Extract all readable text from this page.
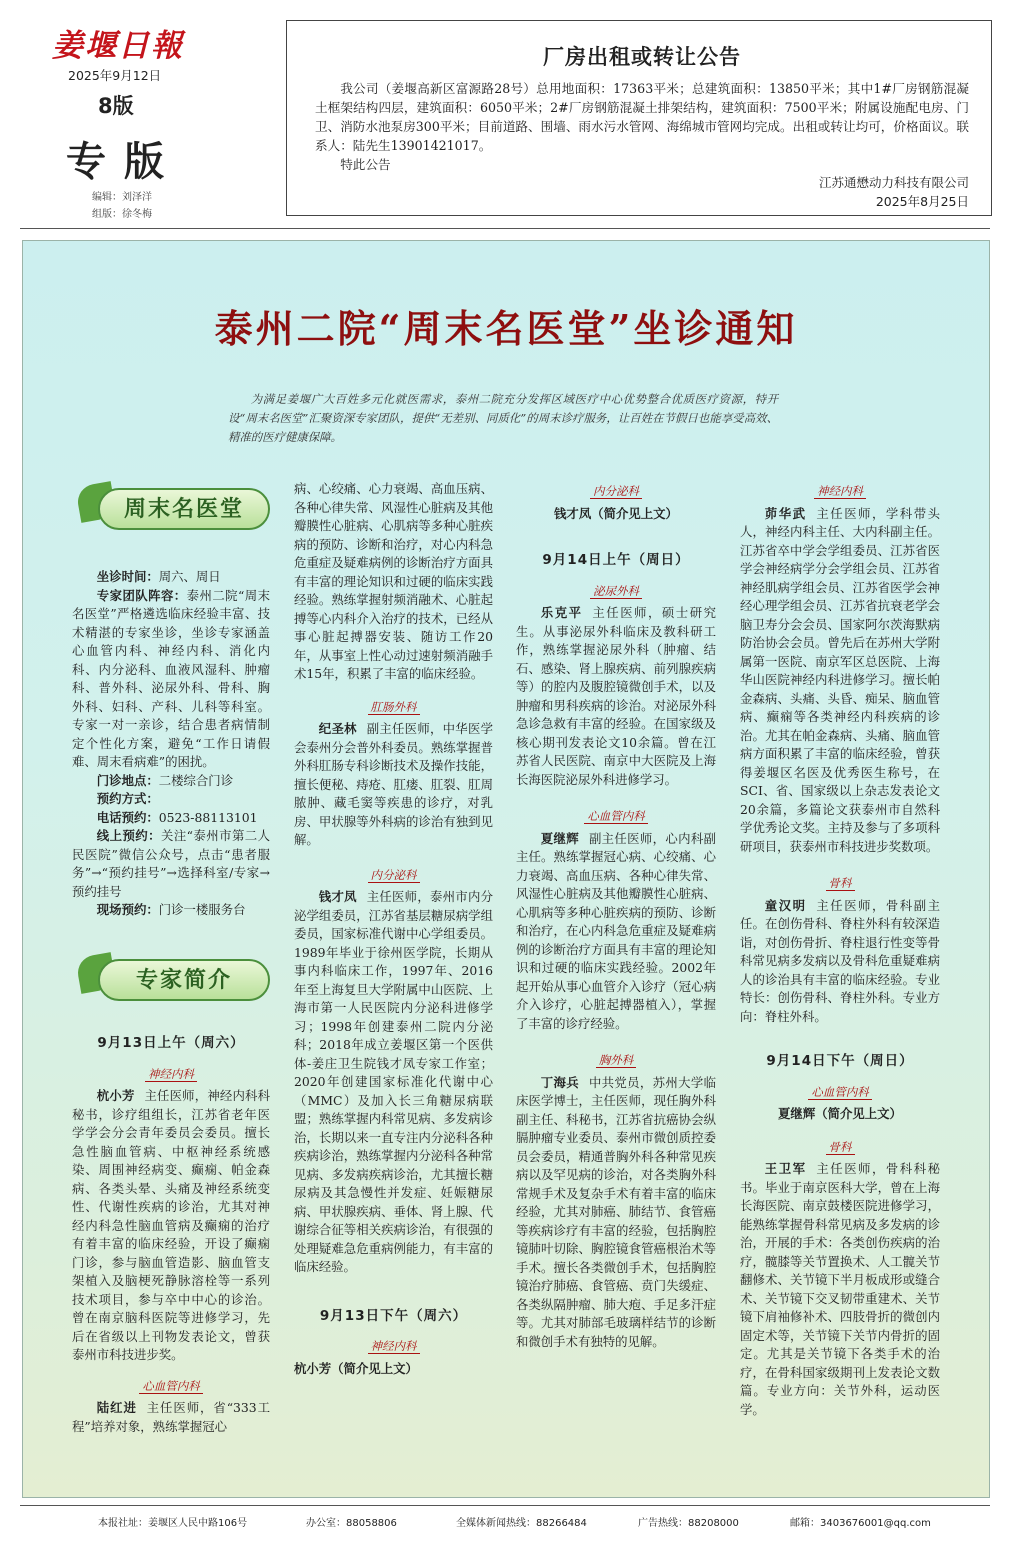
姜堰日報
2025年9月12日
8版
专版
编辑：刘泽洋
组版：徐冬梅
厂房出租或转让公告
我公司（姜堰高新区富源路28号）总用地面积：17363平米；总建筑面积：13850平米；其中1#厂房钢筋混凝土框架结构四层，建筑面积：6050平米；2#厂房钢筋混凝土排架结构，建筑面积：7500平米；附属设施配电房、门卫、消防水池泵房300平米；目前道路、围墙、雨水污水管网、海绵城市管网均完成。出租或转让均可，价格面议。联系人：陆先生13901421017。
特此公告
江苏通懋动力科技有限公司
2025年8月25日
泰州二院“周末名医堂”坐诊通知
为满足姜堰广大百姓多元化就医需求，泰州二院充分发挥区域医疗中心优势整合优质医疗资源，特开设“周末名医堂”汇聚资深专家团队，提供“无差别、同质化”的周末诊疗服务，让百姓在节假日也能享受高效、精准的医疗健康保障。
周末名医堂

坐诊时间：周六、周日

专家团队阵容：泰州二院“周末名医堂”严格遴选临床经验丰富、技术精湛的专家坐诊，坐诊专家涵盖心血管内科、神经内科、消化内科、内分泌科、血液风湿科、肿瘤科、普外科、泌尿外科、骨科、胸外科、妇科、产科、儿科等科室。专家一对一亲诊，结合患者病情制定个性化方案，避免“工作日请假难、周末看病难”的困扰。

门诊地点：二楼综合门诊

预约方式：

电话预约：0523-88113101

线上预约：关注“泰州市第二人民医院”微信公众号，点击“患者服务”→“预约挂号”→选择科室/专家→预约挂号

现场预约：门诊一楼服务台

专家简介
9月13日上午（周六）
神经内科

杭小芳 主任医师，神经内科科秘书，诊疗组组长，江苏省老年医学学会分会青年委员会委员。擅长急性脑血管病、中枢神经系统感染、周围神经病变、癫痫、帕金森病、各类头晕、头痛及神经系统变性、代谢性疾病的诊治，尤其对神经内科急性脑血管病及癫痫的治疗有着丰富的临床经验，开设了癫痫门诊，参与脑血管造影、脑血管支架植入及脑梗死静脉溶栓等一系列技术项目，参与卒中中心的诊治。曾在南京脑科医院等进修学习，先后在省级以上刊物发表论文，曾获泰州市科技进步奖。

心血管内科

陆红进 主任医师，省“333工程”培养对象，熟练掌握冠心

病、心绞痛、心力衰竭、高血压病、各种心律失常、风湿性心脏病及其他瓣膜性心脏病、心肌病等多种心脏疾病的预防、诊断和治疗，对心内科急危重症及疑难病例的诊断治疗方面具有丰富的理论知识和过硬的临床实践经验。熟练掌握射频消融术、心脏起搏等心内科介入治疗的技术，已经从事心脏起搏器安装、随访工作20年，从事室上性心动过速射频消融手术15年，积累了丰富的临床经验。
肛肠外科

纪圣林 副主任医师，中华医学会泰州分会普外科委员。熟练掌握普外科肛肠专科诊断技术及操作技能，擅长便秘、痔疮、肛瘘、肛裂、肛周脓肿、藏毛窦等疾患的诊疗，对乳房、甲状腺等外科病的诊治有独到见解。

内分泌科

钱才凤 主任医师，泰州市内分泌学组委员，江苏省基层糖尿病学组委员，国家标准代谢中心学组委员。1989年毕业于徐州医学院，长期从事内科临床工作，1997年、2016年至上海复旦大学附属中山医院、上海市第一人民医院内分泌科进修学习；1998年创建泰州二院内分泌科；2018年成立姜堰区第一个医供体-姜庄卫生院钱才凤专家工作室；2020年创建国家标准化代谢中心（MMC）及加入长三角糖尿病联盟；熟练掌握内科常见病、多发病诊治，长期以来一直专注内分泌科各种疾病诊治，熟练掌握内分泌科各种常见病、多发病疾病诊治，尤其擅长糖尿病及其急慢性并发症、妊娠糖尿病、甲状腺疾病、垂体、肾上腺、代谢综合征等相关疾病诊治，有很强的处理疑难急危重病例能力，有丰富的临床经验。

9月13日下午（周六）
神经内科
杭小芳（简介见上文）
内分泌科
钱才凤（简介见上文）
9月14日上午（周日）
泌尿外科

乐克平 主任医师，硕士研究生。从事泌尿外科临床及教科研工作，熟练掌握泌尿外科（肿瘤、结石、感染、肾上腺疾病、前列腺疾病等）的腔内及腹腔镜微创手术，以及肿瘤和男科疾病的诊治。对泌尿外科急诊急救有丰富的经验。在国家级及核心期刊发表论文10余篇。曾在江苏省人民医院、南京中大医院及上海长海医院泌尿外科进修学习。

心血管内科

夏继辉 副主任医师，心内科副主任。熟练掌握冠心病、心绞痛、心力衰竭、高血压病、各种心律失常、风湿性心脏病及其他瓣膜性心脏病、心肌病等多种心脏疾病的预防、诊断和治疗，在心内科急危重症及疑难病例的诊断治疗方面具有丰富的理论知识和过硬的临床实践经验。2002年起开始从事心血管介入诊疗（冠心病介入诊疗，心脏起搏器植入），掌握了丰富的诊疗经验。

胸外科

丁海兵 中共党员，苏州大学临床医学博士，主任医师，现任胸外科副主任、科秘书，江苏省抗癌协会纵膈肿瘤专业委员、泰州市微创质控委员会委员，精通普胸外科各种常见疾病以及罕见病的诊治，对各类胸外科常规手术及复杂手术有着丰富的临床经验，尤其对肺癌、肺结节、食管癌等疾病诊疗有丰富的经验，包括胸腔镜肺叶切除、胸腔镜食管癌根治术等手术。擅长各类微创手术，包括胸腔镜治疗肺癌、食管癌、贲门失缓症、各类纵隔肿瘤、肺大疱、手足多汗症等。尤其对肺部毛玻璃样结节的诊断和微创手术有独特的见解。

神经内科

茆华武 主任医师，学科带头人，神经内科主任、大内科副主任。江苏省卒中学会学组委员、江苏省医学会神经病学分会学组会员、江苏省神经肌病学组会员、江苏省医学会神经心理学组会员、江苏省抗衰老学会脑卫寿分会会员、国家阿尔茨海默病防治协会会员。曾先后在苏州大学附属第一医院、南京军区总医院、上海华山医院神经内科进修学习。擅长帕金森病、头痛、头昏、痴呆、脑血管病、癫痫等各类神经内科疾病的诊治。尤其在帕金森病、头痛、脑血管病方面积累了丰富的临床经验，曾获得姜堰区名医及优秀医生称号，在SCI、省、国家级以上杂志发表论文20余篇，多篇论文获泰州市自然科学优秀论文奖。主持及参与了多项科研项目，获泰州市科技进步奖数项。

骨科

童汉明 主任医师，骨科副主任。在创伤骨科、脊柱外科有较深造诣，对创伤骨折、脊柱退行性变等骨科常见病多发病以及骨科危重疑难病人的诊治具有丰富的临床经验。专业特长：创伤骨科、脊柱外科。专业方向：脊柱外科。

9月14日下午（周日）
心血管内科
夏继辉（简介见上文）
骨科

王卫军 主任医师，骨科科秘书。毕业于南京医科大学，曾在上海长海医院、南京鼓楼医院进修学习，能熟练掌握骨科常见病及多发病的诊治，开展的手术：各类创伤疾病的治疗，髋膝等关节置换术、人工髋关节翻修术、关节镜下半月板成形或缝合术、关节镜下交叉韧带重建术、关节镜下肩袖修补术、四肢骨折的微创内固定术等，关节镜下关节内骨折的固定。尤其是关节镜下各类手术的治疗，在骨科国家级期刊上发表论文数篇。专业方向：关节外科，运动医学。

本报社址：姜堰区人民中路106号	办公室：88058806	全媒体新闻热线：88266484	广告热线：88208000	邮箱：3403676001@qq.com
